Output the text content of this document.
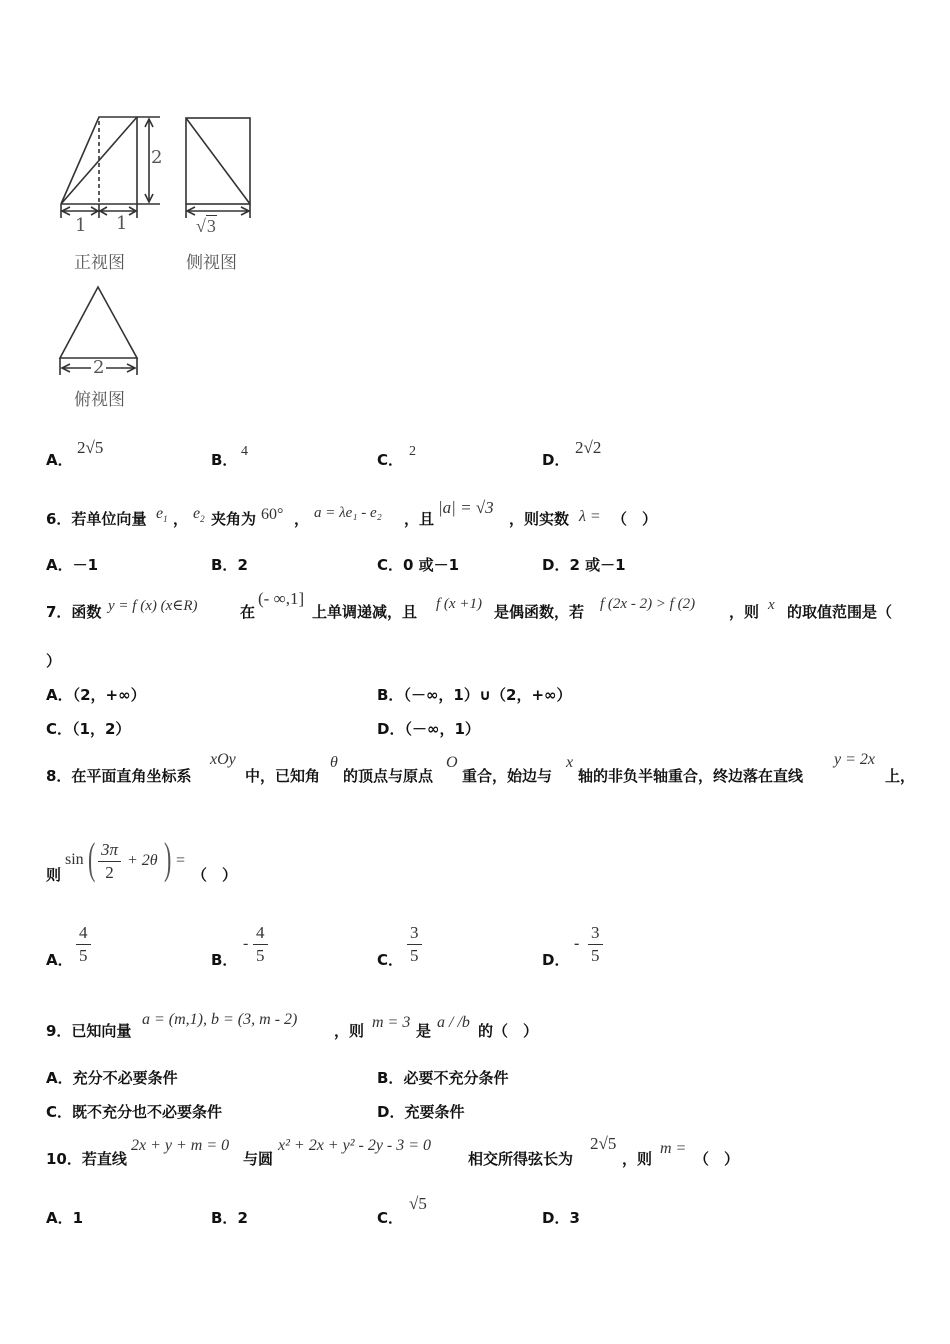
2
1 1	√3
正视图	侧视图
2
俯视图
A．
2√5
B． 4	C． 2	D．
2√2
6．若单位向量 $e_1$ ， $e_2$ 夹角为 60° ， a = λe₁ - e₂ ，且
|a| = √3
，则实数 λ = （　）
A．－1	B．2	C．0 或－1	D．2 或－1
7．函数 y = f (x) (x∈R)	在
(- ∞,1]
上单调递减，且 f (x +1) 是偶函数，若 f (2x - 2) > f (2) ，则 x 的取值范围是（
）
A．（2，+∞）	B．（－∞，1）∪（2，+∞）
C．（1，2）	D．（－∞，1）
8．在平面直角坐标系
xOy
中，已知角
θ
的顶点与原点
O
重合，始边与
x
轴的非负半轴重合，终边落在直线
y = 2x
上，
则
sin ( $\frac{3\pi}{2} + 2\theta$ ) =
（　）
A． $\frac{4}{5}$	B．
- $\frac{4}{5}$	C． $\frac{3}{5}$	D．
- $\frac{3}{5}$
9．已知向量
a = (m,1), b = (3, m - 2)
，则 m = 3 是 a / /b 的（　）
A．充分不必要条件	B．必要不充分条件
C．既不充分也不必要条件	D．充要条件
10．若直线
2x + y + m = 0
与圆
x² + 2x + y² - 2y - 3 = 0
相交所得弦长为
2√5
，则
m =
（　）
A．1	B．2	C．
√5
D．3
